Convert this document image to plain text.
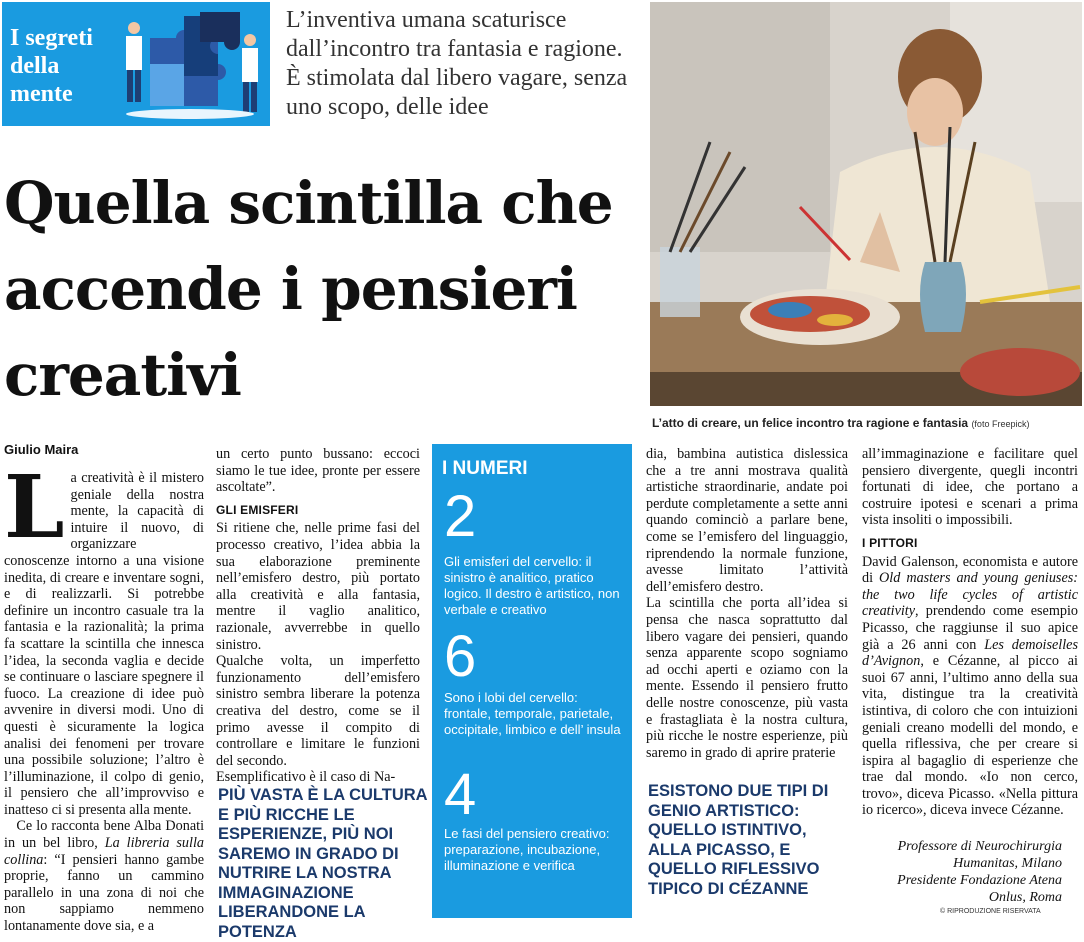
I segreti della mente
L’inventiva umana scaturisce dall’incontro tra fantasia e ragione. È stimolata dal libero vagare, senza uno scopo, delle idee
Quella scintilla che accende i pensieri creativi
L’atto di creare, un felice incontro tra ragione e fantasia (foto Freepick)
Giulio Maira
L a creatività è il mistero geniale della nostra mente, la capacità di intuire il nuovo, di organizzare conoscenze intorno a una visione inedita, di creare e inventare sogni, e di realizzarli. Si potrebbe definire un incontro casuale tra la fantasia e la razionalità; la prima fa scattare la scintilla che innesca l’idea, la seconda vaglia e decide se continuare o lasciare spegnere il fuoco. La creazione di idee può avvenire in diversi modi. Uno di questi è sicuramente la logica analisi dei fenomeni per trovare una possibile soluzione; l’altro è l’illuminazione, il colpo di genio, il pensiero che all’improvviso e inatteso ci si presenta alla mente.

Ce lo racconta bene Alba Donati in un bel libro, La libreria sulla collina: “I pensieri hanno gambe proprie, fanno un cammino parallelo in una zona di noi che non sappiamo nemmeno lontanamente dove sia, e a

un certo punto bussano: eccoci siamo le tue idee, pronte per essere ascoltate”.

GLI EMISFERI

Si ritiene che, nelle prime fasi del processo creativo, l’idea abbia la sua elaborazione preminente nell’emisfero destro, più portato alla creatività e alla fantasia, mentre il vaglio analitico, razionale, avverrebbe in quello sinistro.

Qualche volta, un imperfetto funzionamento dell’emisfero sinistro sembra liberare la potenza creativa del destro, come se il primo avesse il compito di controllare e limitare le funzioni del secondo.

Esemplificativo è il caso di Na-

PIÙ VASTA È LA CULTURA E PIÙ RICCHE LE ESPERIENZE, PIÙ NOI SAREMO IN GRADO DI NUTRIRE LA NOSTRA IMMAGINAZIONE LIBERANDONE LA POTENZA
I NUMERI
2
Gli emisferi del cervello: il sinistro è analitico, pratico logico. Il destro è artistico, non verbale e creativo
6
Sono i lobi del cervello: frontale, temporale, parietale, occipitale, limbico e dell’ insula
4
Le fasi del pensiero creativo: preparazione, incubazione, illuminazione e verifica

dia, bambina autistica dislessica che a tre anni mostrava qualità artistiche straordinarie, andate poi perdute completamente a sette anni quando cominciò a parlare bene, come se l’emisfero del linguaggio, riprendendo la normale funzione, avesse limitato l’attività dell’emisfero destro.

La scintilla che porta all’idea si pensa che nasca soprattutto dal libero vagare dei pensieri, quando senza apparente scopo sogniamo ad occhi aperti e oziamo con la mente. Essendo il pensiero frutto delle nostre conoscenze, più vasta e frastagliata è la nostra cultura, più ricche le nostre esperienze, più saremo in grado di aprire praterie

ESISTONO DUE TIPI DI GENIO ARTISTICO: QUELLO ISTINTIVO, ALLA PICASSO, E QUELLO RIFLESSIVO TIPICO DI CÉZANNE

all’immaginazione e facilitare quel pensiero divergente, quegli incontri fortunati di idee, che portano a costruire ipotesi e scenari a prima vista insoliti o impossibili.

I PITTORI

David Galenson, economista e autore di Old masters and young geniuses: the two life cycles of artistic creativity, prendendo come esempio Picasso, che raggiunse il suo apice già a 26 anni con Les demoiselles d’Avignon, e Cézanne, al picco ai suoi 67 anni, l’ultimo anno della sua vita, distingue tra la creatività istintiva, di coloro che con intuizioni geniali creano modelli del mondo, e quella riflessiva, che per creare si ispira al bagaglio di esperienze che trae dal mondo. «Io non cerco, trovo», diceva Picasso. «Nella pittura io ricerco», diceva invece Cézanne.

Professore di Neurochirurgia
Humanitas, Milano
Presidente Fondazione Atena
Onlus, Roma
© RIPRODUZIONE RISERVATA
